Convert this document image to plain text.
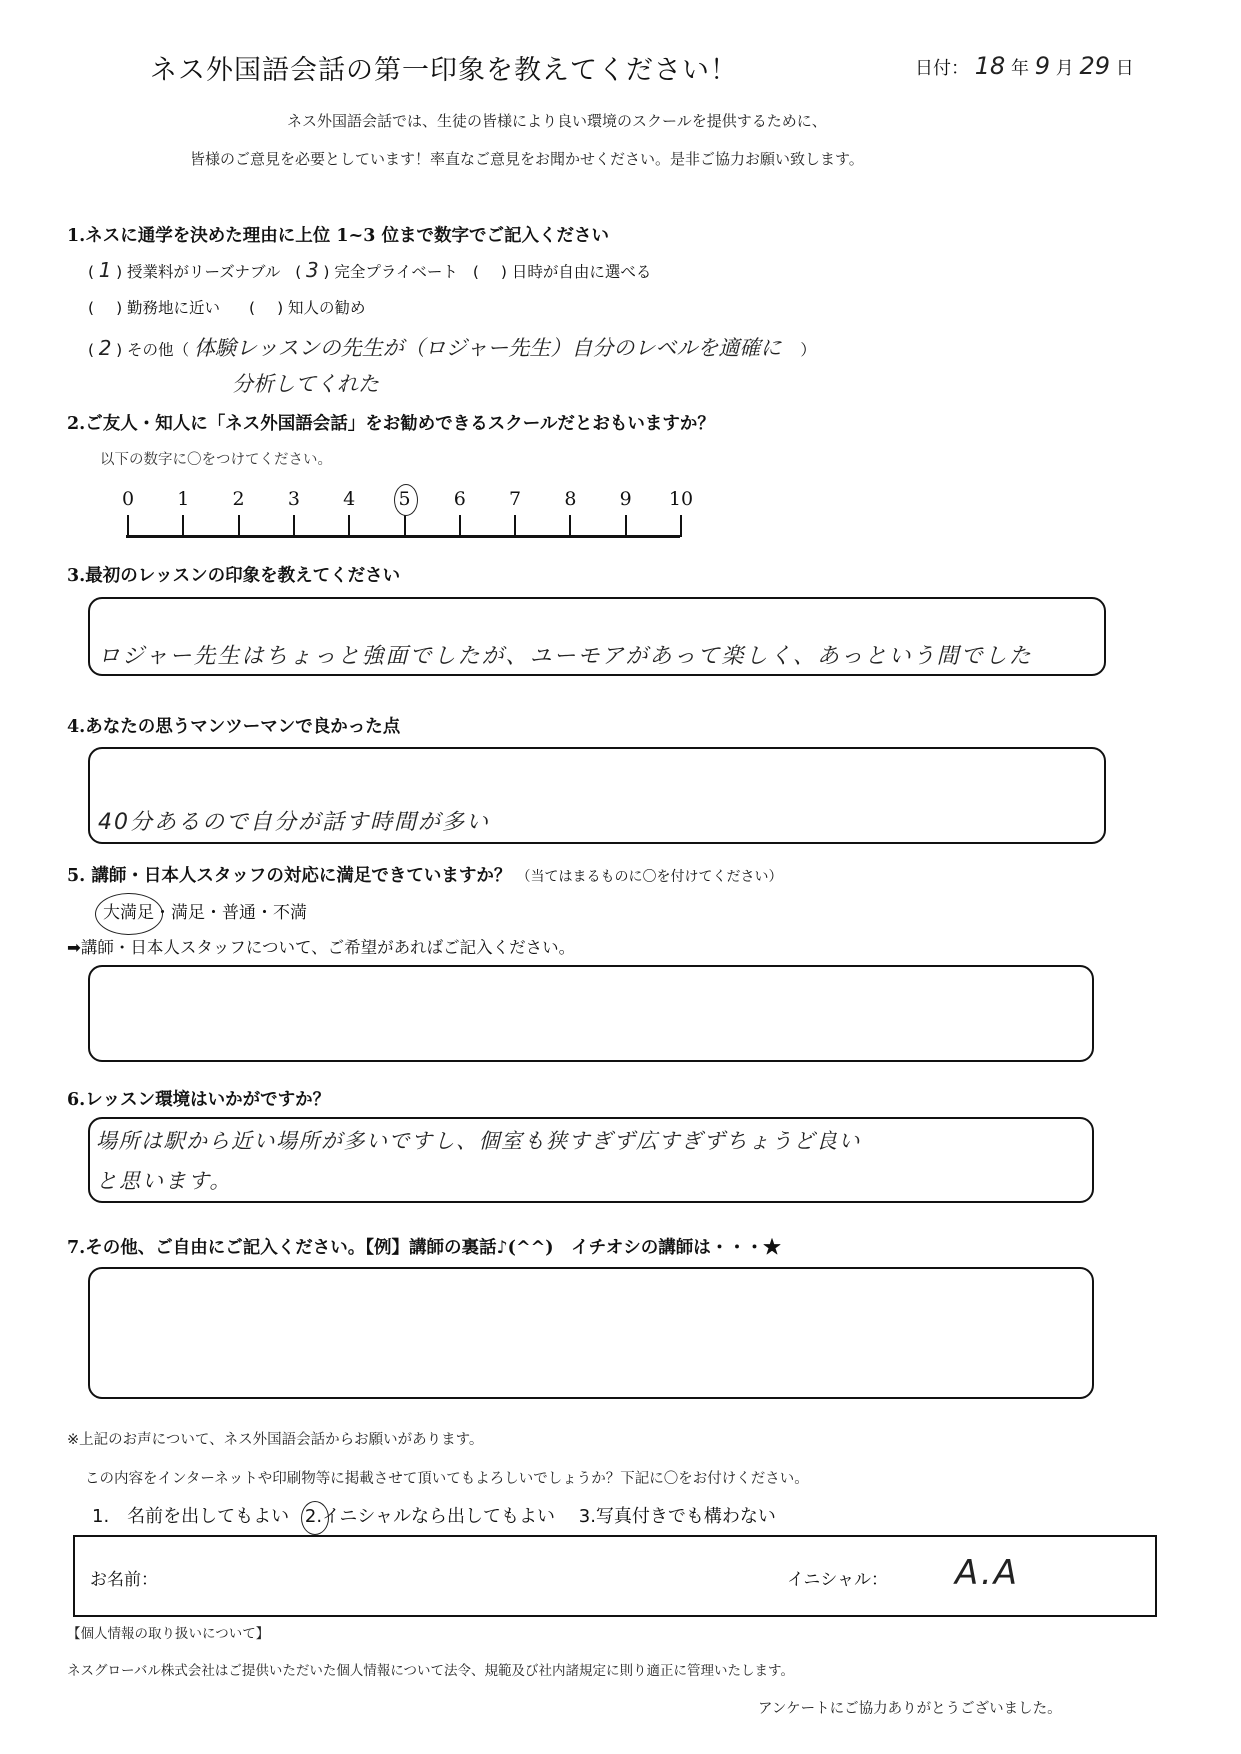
ネス外国語会話の第一印象を教えてください！	日付： 18 年 9 月 29 日
ネス外国語会話では、生徒の皆様により良い環境のスクールを提供するために、
皆様のご意見を必要としています！率直なご意見をお聞かせください。是非ご協力お願い致します。
1.ネスに通学を決めた理由に上位 1~3 位まで数字でご記入ください
( 1 ) 授業料がリーズナブル ( 3 ) 完全プライベート ( ) 日時が自由に選べる
( ) 勤務地に近い ( ) 知人の勧め
( 2 ) その他（ 体験レッスンの先生が（ロジャー先生）自分のレベルを適確に ）
分析してくれた
2.ご友人・知人に「ネス外国語会話」をお勧めできるスクールだとおもいますか？
以下の数字に〇をつけてください。
0 1 2 3 4 5 6 7 8 9 10
3.最初のレッスンの印象を教えてください
ロジャー先生はちょっと強面でしたが、ユーモアがあって楽しく、あっという間でした
4.あなたの思うマンツーマンで良かった点
40分あるので自分が話す時間が多い
5. 講師・日本人スタッフの対応に満足できていますか？ （当てはまるものに〇を付けてください）
大満足
・満足・普通・不満
➡講師・日本人スタッフについて、ご希望があればご記入ください。
6.レッスン環境はいかがですか？
場所は駅から近い場所が多いですし、個室も狭すぎず広すぎずちょうど良い
と思います。
7.その他、ご自由にご記入ください。【例】講師の裏話♪(^^)　イチオシの講師は・・・★
※上記のお声について、ネス外国語会話からお願いがあります。
この内容をインターネットや印刷物等に掲載させて頂いてもよろしいでしょうか？下記に〇をお付けください。
1.　名前を出してもよい 2.イニシャルなら出してもよい 3.写真付きでも構わない
お名前：	イニシャル： A.A
【個人情報の取り扱いについて】
ネスグローバル株式会社はご提供いただいた個人情報について法令、規範及び社内諸規定に則り適正に管理いたします。
アンケートにご協力ありがとうございました。
